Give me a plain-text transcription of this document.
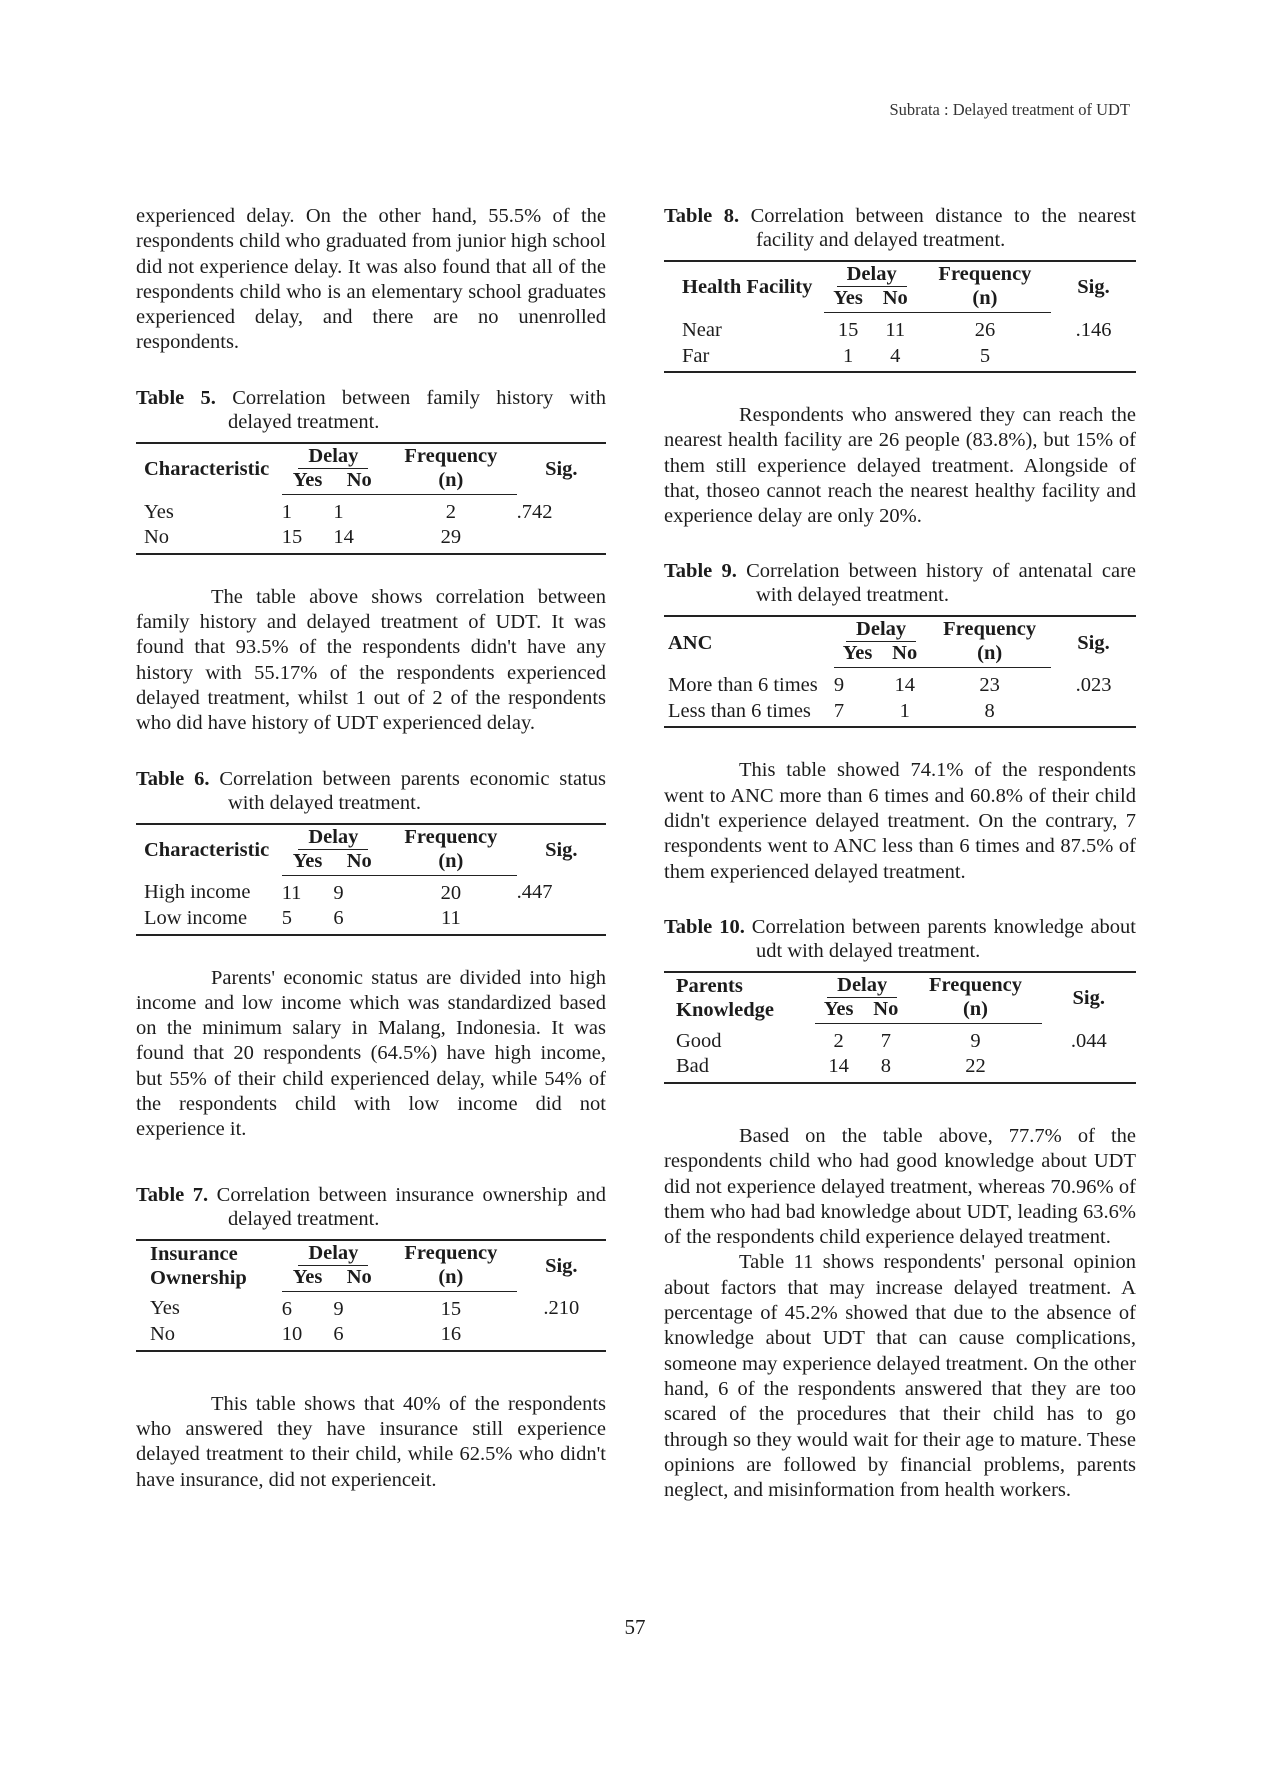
Subrata : Delayed treatment of UDT

experienced delay. On the other hand, 55.5% of the respondents child who graduated from junior high school did not experience delay. It was also found that all of the respondents child who is an elementary school graduates experienced delay, and there are no unenrolled respondents.

Table 5. Correlation between family history with delayed treatment.

Characteristic	Delay		Frequency	Sig.
	Yes	No	(n)	
Yes	1	1	2	.742
No	15	14	29	

The table above shows correlation between family history and delayed treatment of UDT. It was found that 93.5% of the respondents didn't have any history with 55.17% of the respondents experienced delayed treatment, whilst 1 out of 2 of the respondents who did have history of UDT experienced delay.

Table 6. Correlation between parents economic status with delayed treatment.

Characteristic	Delay		Frequency	Sig.
	Yes	No	(n)	
High income	11	9	20	.447
Low income	5	6	11	

Parents' economic status are divided into high income and low income which was standardized based on the minimum salary in Malang, Indonesia. It was found that 20 respondents (64.5%) have high income, but 55% of their child experienced delay, while 54% of the respondents child with low income did not experience it.

Table 7. Correlation between insurance ownership and delayed treatment.

Insurance
Ownership	Delay		Frequency	Sig.
	Yes	No	(n)	
Yes	6	9	15	.210
No	10	6	16	

This table shows that 40% of the respondents who answered they have insurance still experience delayed treatment to their child, while 62.5% who didn't have insurance, did not experienceit.

Table 8. Correlation between distance to the nearest facility and delayed treatment.

Health Facility	Delay		Frequency	Sig.
	Yes	No	(n)	
Near	15	11	26	.146
Far	1	4	5	

Respondents who answered they can reach the nearest health facility are 26 people (83.8%), but 15% of them still experience delayed treatment. Alongside of that, thoseo cannot reach the nearest healthy facility and experience delay are only 20%.

Table 9. Correlation between history of antenatal care with delayed treatment.

ANC	Delay		Frequency	Sig.
	Yes	No	(n)	
More than 6 times	9	14	23	.023
Less than 6 times	7	1	8	

This table showed 74.1% of the respondents went to ANC more than 6 times and 60.8% of their child didn't experience delayed treatment. On the contrary, 7 respondents went to ANC less than 6 times and 87.5% of them experienced delayed treatment.

Table 10. Correlation between parents knowledge about udt with delayed treatment.

Parents
Knowledge	Delay		Frequency	Sig.
	Yes	No	(n)	
Good	2	7	9	.044
Bad	14	8	22	

Based on the table above, 77.7% of the respondents child who had good knowledge about UDT did not experience delayed treatment, whereas 70.96% of them who had bad knowledge about UDT, leading 63.6% of the respondents child experience delayed treatment.

Table 11 shows respondents' personal opinion about factors that may increase delayed treatment. A percentage of 45.2% showed that due to the absence of knowledge about UDT that can cause complications, someone may experience delayed treatment. On the other hand, 6 of the respondents answered that they are too scared of the procedures that their child has to go through so they would wait for their age to mature. These opinions are followed by financial problems, parents neglect, and misinformation from health workers.

57
